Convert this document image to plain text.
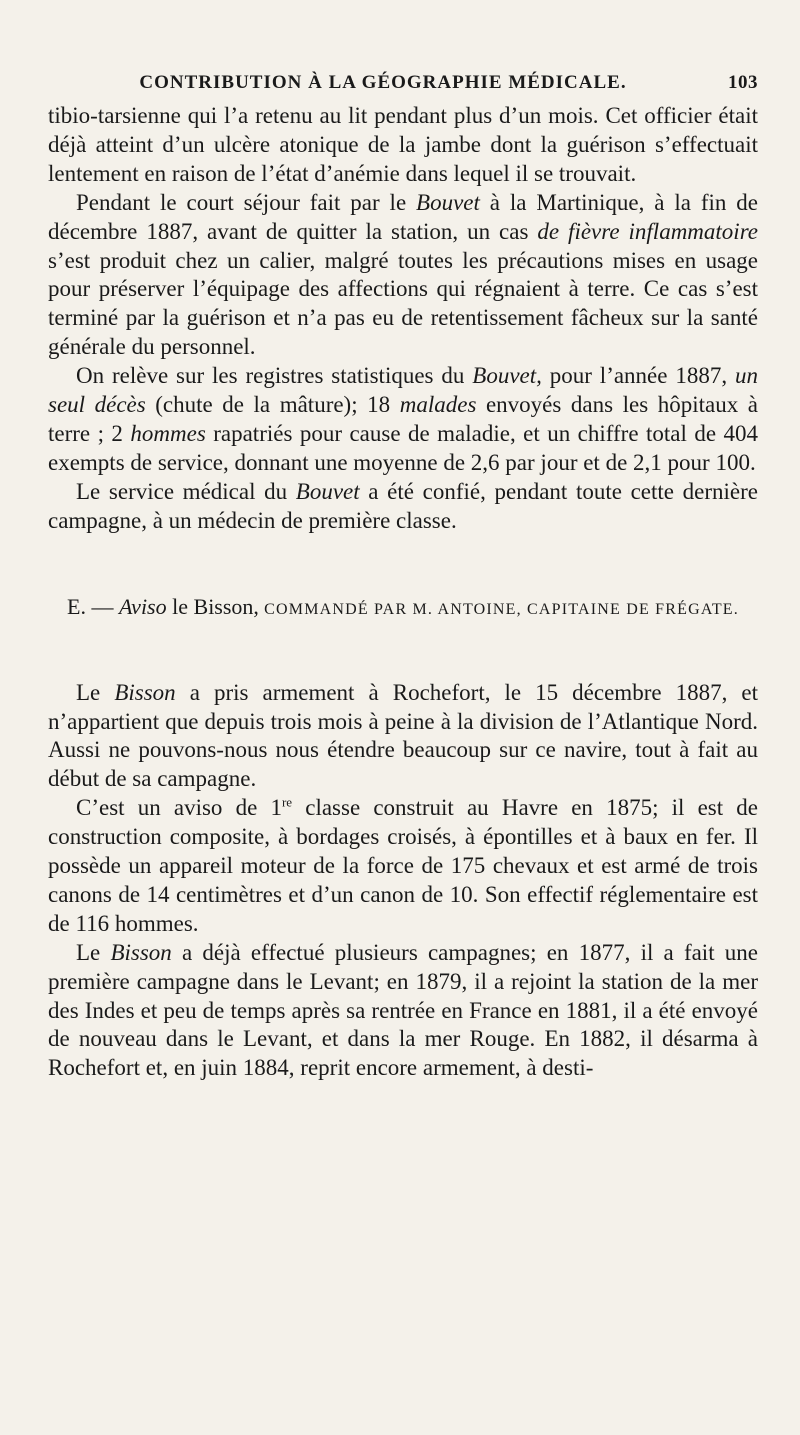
CONTRIBUTION À LA GÉOGRAPHIE MÉDICALE.	103

tibio-tarsienne qui l’a retenu au lit pendant plus d’un mois. Cet officier était déjà atteint d’un ulcère atonique de la jambe dont la guérison s’effectuait lentement en raison de l’état d’anémie dans lequel il se trouvait.

Pendant le court séjour fait par le Bouvet à la Martinique, à la fin de décembre 1887, avant de quitter la station, un cas de fièvre inflammatoire s’est produit chez un calier, malgré toutes les précautions mises en usage pour préserver l’équipage des affections qui régnaient à terre. Ce cas s’est terminé par la guérison et n’a pas eu de retentissement fâcheux sur la santé générale du personnel.

On relève sur les registres statistiques du Bouvet, pour l’année 1887, un seul décès (chute de la mâture); 18 malades envoyés dans les hôpitaux à terre ; 2 hommes rapatriés pour cause de maladie, et un chiffre total de 404 exempts de service, donnant une moyenne de 2,6 par jour et de 2,1 pour 100.

Le service médical du Bouvet a été confié, pendant toute cette dernière campagne, à un médecin de première classe.

E. — Aviso le Bisson, COMMANDÉ PAR M. ANTOINE, CAPITAINE DE FRÉGATE.

Le Bisson a pris armement à Rochefort, le 15 décembre 1887, et n’appartient que depuis trois mois à peine à la division de l’Atlantique Nord. Aussi ne pouvons-nous nous étendre beaucoup sur ce navire, tout à fait au début de sa campagne.

C’est un aviso de 1re classe construit au Havre en 1875; il est de construction composite, à bordages croisés, à épontilles et à baux en fer. Il possède un appareil moteur de la force de 175 chevaux et est armé de trois canons de 14 centimètres et d’un canon de 10. Son effectif réglementaire est de 116 hommes.

Le Bisson a déjà effectué plusieurs campagnes; en 1877, il a fait une première campagne dans le Levant; en 1879, il a rejoint la station de la mer des Indes et peu de temps après sa rentrée en France en 1881, il a été envoyé de nouveau dans le Levant, et dans la mer Rouge. En 1882, il désarma à Rochefort et, en juin 1884, reprit encore armement, à desti-
